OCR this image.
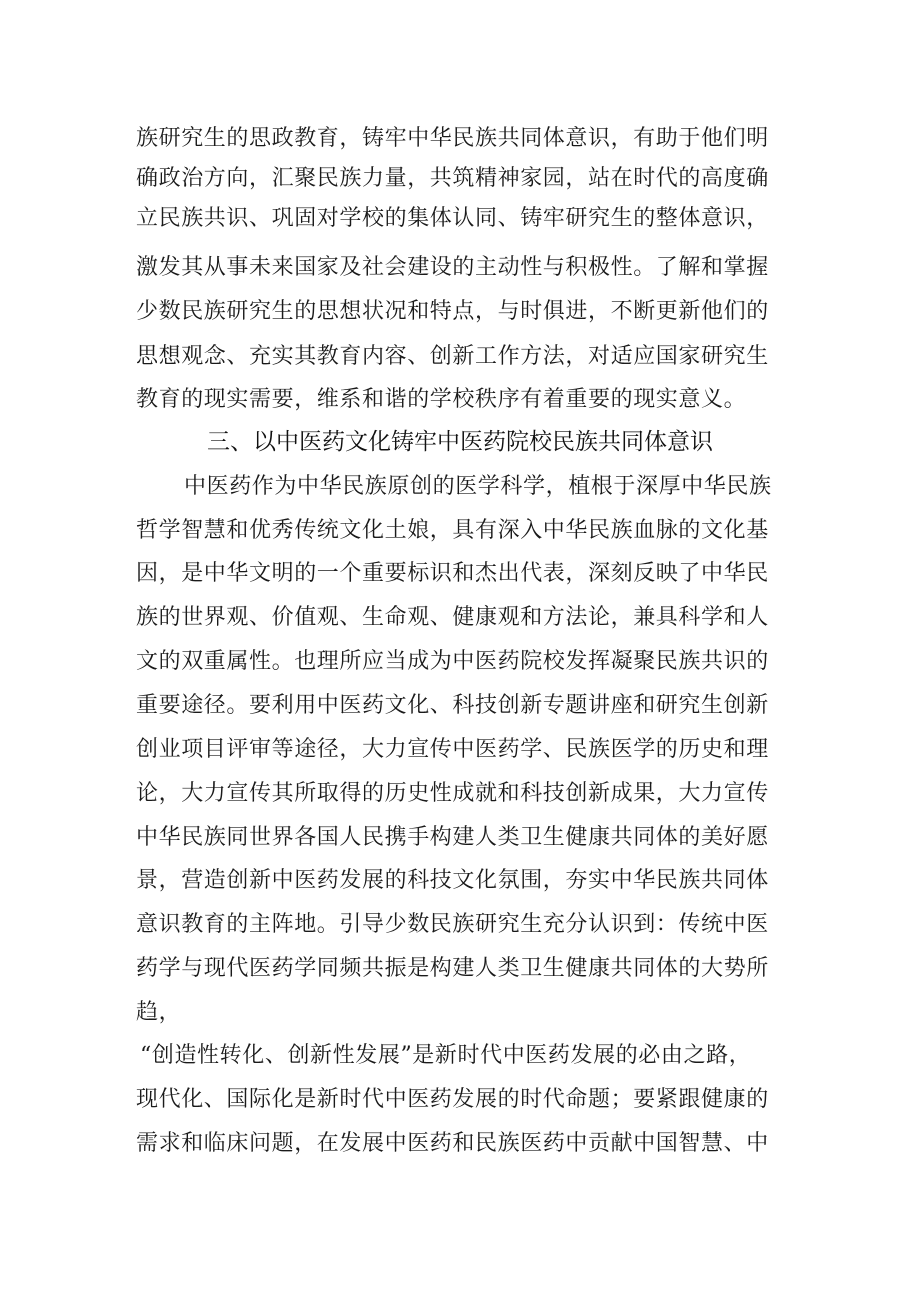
族研究生的思政教育，铸牢中华民族共同体意识，有助于他们明
确政治方向，汇聚民族力量，共筑精神家园，站在时代的高度确
立民族共识、巩固对学校的集体认同、铸牢研究生的整体意识，
激发其从事未来国家及社会建设的主动性与积极性。了解和掌握
少数民族研究生的思想状况和特点，与时俱进，不断更新他们的
思想观念、充实其教育内容、创新工作方法，对适应国家研究生
教育的现实需要，维系和谐的学校秩序有着重要的现实意义。
三、以中医药文化铸牢中医药院校民族共同体意识
中医药作为中华民族原创的医学科学，植根于深厚中华民族
哲学智慧和优秀传统文化土娘，具有深入中华民族血脉的文化基
因，是中华文明的一个重要标识和杰出代表，深刻反映了中华民
族的世界观、价值观、生命观、健康观和方法论，兼具科学和人
文的双重属性。也理所应当成为中医药院校发挥凝聚民族共识的
重要途径。要利用中医药文化、科技创新专题讲座和研究生创新
创业项目评审等途径，大力宣传中医药学、民族医学的历史和理
论，大力宣传其所取得的历史性成就和科技创新成果，大力宣传
中华民族同世界各国人民携手构建人类卫生健康共同体的美好愿
景，营造创新中医药发展的科技文化氛围，夯实中华民族共同体
意识教育的主阵地。引导少数民族研究生充分认识到：传统中医
药学与现代医药学同频共振是构建人类卫生健康共同体的大势所
趋，
“创造性转化、创新性发展”是新时代中医药发展的必由之路，
现代化、国际化是新时代中医药发展的时代命题；要紧跟健康的
需求和临床问题，在发展中医药和民族医药中贡献中国智慧、中
